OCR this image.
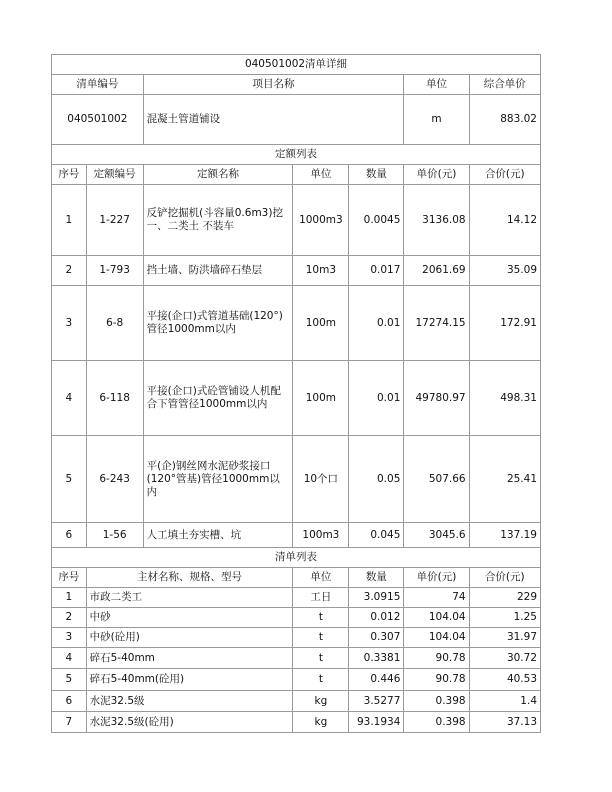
040501002清单详细						
清单编号		项目名称			单位	综合单价
040501002		混凝土管道铺设			m	883.02
定额列表						
序号	定额编号	定额名称	单位	数量	单价(元)	合价(元)
1	1-227	反铲挖掘机(斗容量0.6m3)挖一、二类土 不装车	1000m3	0.0045	3136.08	14.12
2	1-793	挡土墙、防洪墙碎石垫层	10m3	0.017	2061.69	35.09
3	6-8	平接(企口)式管道基础(120°)管径1000mm以内	100m	0.01	17274.15	172.91
4	6-118	平接(企口)式砼管铺设人机配合下管管径1000mm以内	100m	0.01	49780.97	498.31
5	6-243	平(企)钢丝网水泥砂浆接口(120°管基)管径1000mm以内	10个口	0.05	507.66	25.41
6	1-56	人工填土夯实槽、坑	100m3	0.045	3045.6	137.19
清单列表						
序号	主材名称、规格、型号		单位	数量	单价(元)	合价(元)
1	市政二类工		工日	3.0915	74	229
2	中砂		t	0.012	104.04	1.25
3	中砂(砼用)		t	0.307	104.04	31.97
4	碎石5-40mm		t	0.3381	90.78	30.72
5	碎石5-40mm(砼用)		t	0.446	90.78	40.53
6	水泥32.5级		kg	3.5277	0.398	1.4
7	水泥32.5级(砼用)		kg	93.1934	0.398	37.13
